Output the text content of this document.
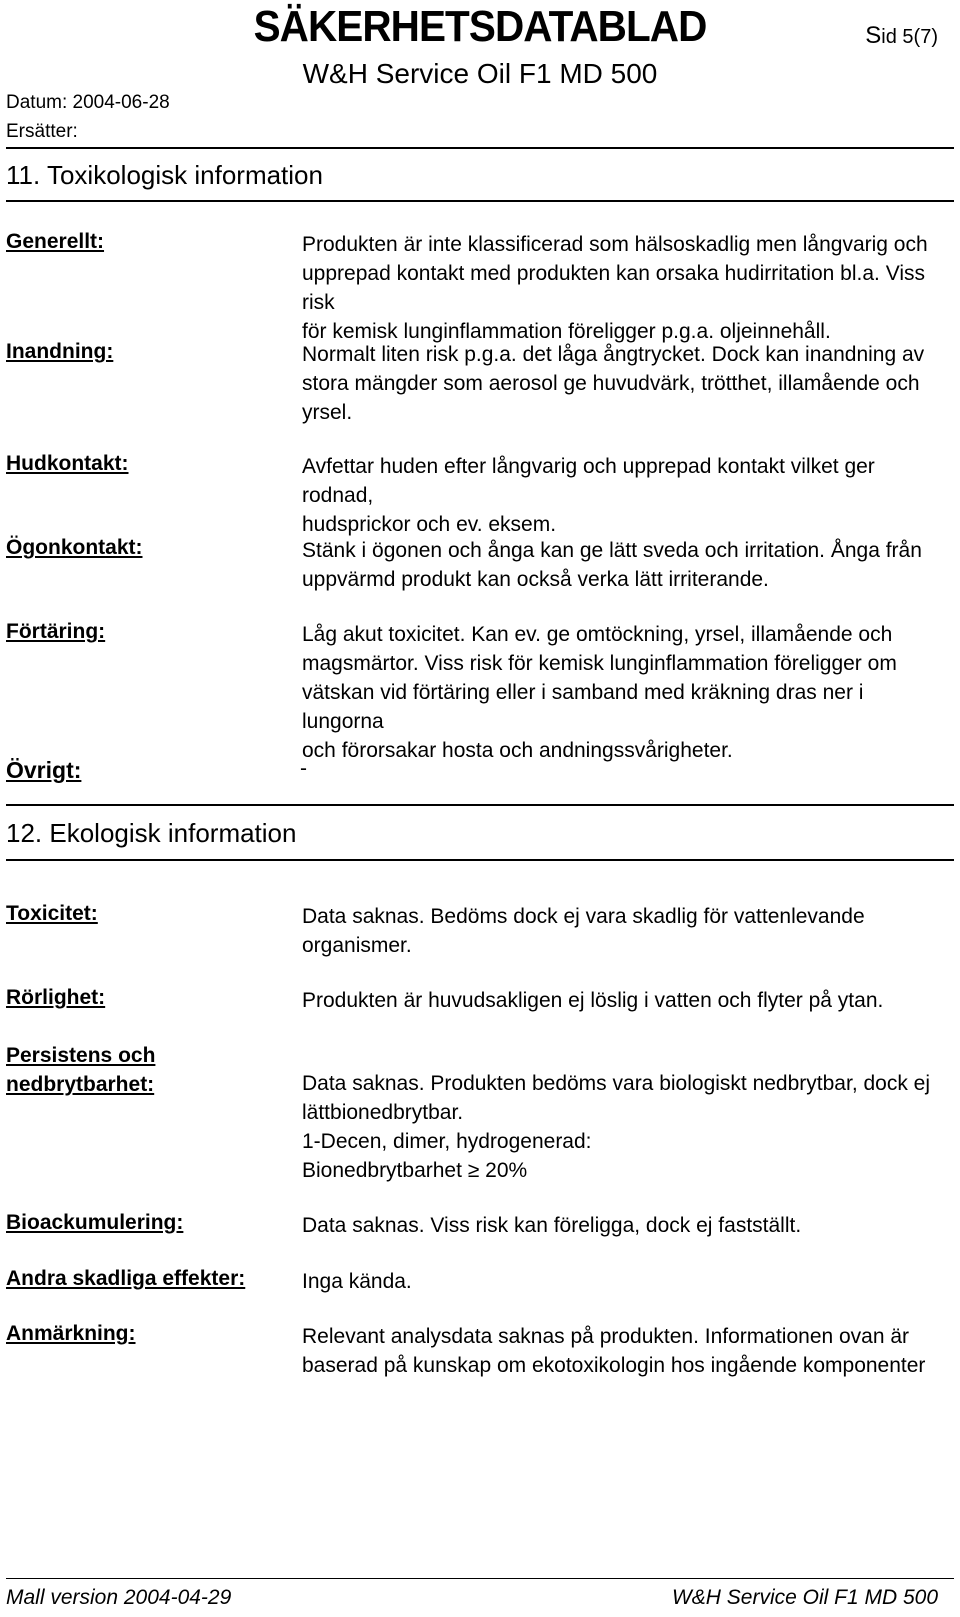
SÄKERHETSDATABLAD
W&H Service Oil F1 MD 500
Sid 5(7)
Datum: 2004-06-28
Ersätter:
11. Toxikologisk information
Generellt:	Produkten är inte klassificerad som hälsoskadlig men långvarig och
upprepad kontakt med produkten kan orsaka hudirritation bl.a. Viss risk
för kemisk lunginflammation föreligger p.g.a. oljeinnehåll.
Inandning:	Normalt liten risk p.g.a. det låga ångtrycket. Dock kan inandning av
stora mängder som aerosol ge huvudvärk, trötthet, illamående och
yrsel.
Hudkontakt:	Avfettar huden efter långvarig och upprepad kontakt vilket ger rodnad,
hudsprickor och ev. eksem.
Ögonkontakt:	Stänk i ögonen och ånga kan ge lätt sveda och irritation. Ånga från
uppvärmd produkt kan också verka lätt irriterande.
Förtäring:	Låg akut toxicitet. Kan ev. ge omtöckning, yrsel, illamående och
magsmärtor. Viss risk för kemisk lunginflammation föreligger om
vätskan vid förtäring eller i samband med kräkning dras ner i lungorna
och förorsakar hosta och andningssvårigheter.
Övrigt:	-
12. Ekologisk information
Toxicitet:	Data saknas. Bedöms dock ej vara skadlig för vattenlevande
organismer.
Rörlighet:	Produkten är huvudsakligen ej löslig i vatten och flyter på ytan.
Persistens och
nedbrytbarhet:	Data saknas. Produkten bedöms vara biologiskt nedbrytbar, dock ej
lättbionedbrytbar.
1-Decen, dimer, hydrogenerad:
Bionedbrytbarhet ≥ 20%
Bioackumulering:	Data saknas. Viss risk kan föreligga, dock ej fastställt.
Andra skadliga effekter:	Inga kända.
Anmärkning:	Relevant analysdata saknas på produkten. Informationen ovan är
baserad på kunskap om ekotoxikologin hos ingående komponenter
Mall version 2004-04-29	W&H Service Oil F1 MD 500
